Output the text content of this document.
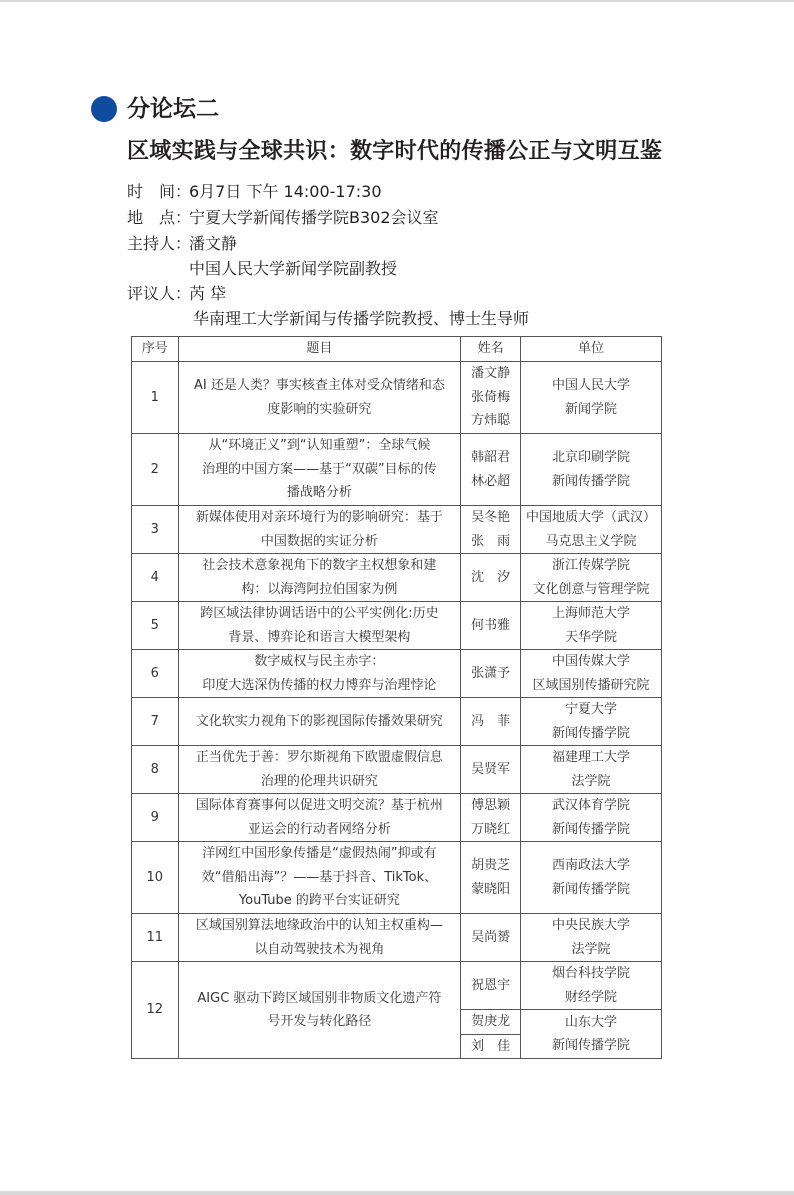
分论坛二
区域实践与全球共识：数字时代的传播公正与文明互鉴
时　间：6月7日 下午 14:00-17:30
地　点：宁夏大学新闻传播学院B302会议室
主持人：潘文静
中国人民大学新闻学院副教授
评议人：芮 牮
华南理工大学新闻与传播学院教授、博士生导师
序号	题目	姓名	单位
1	AI 还是人类？事实核查主体对受众情绪和态
度影响的实验研究	潘文静
张倚梅
方炜聪	中国人民大学
新闻学院

2	从“环境正义”到“认知重塑”：全球气候
治理的中国方案——基于“双碳”目标的传
播战略分析	韩韶君
林必超	北京印刷学院
新闻传播学院

3	新媒体使用对亲环境行为的影响研究：基于
中国数据的实证分析	吴冬艳
张　雨	中国地质大学（武汉）
马克思主义学院

4	社会技术意象视角下的数字主权想象和建
构：以海湾阿拉伯国家为例	沈　汐	浙江传媒学院
文化创意与管理学院

5	跨区域法律协调话语中的公平实例化:历史
背景、博弈论和语言大模型架构	何书雅	上海师范大学
天华学院

6	数字威权与民主赤字：
印度大选深伪传播的权力博弈与治理悖论	张潇予	中国传媒大学
区域国别传播研究院

7	文化软实力视角下的影视国际传播效果研究	冯　菲	宁夏大学
新闻传播学院

8	正当优先于善：罗尔斯视角下欧盟虚假信息
治理的伦理共识研究	吴贤军	福建理工大学
法学院

9	国际体育赛事何以促进文明交流？基于杭州
亚运会的行动者网络分析	傅思颖
万晓红	武汉体育学院
新闻传播学院

10	洋网红中国形象传播是“虚假热闹”抑或有
效“借船出海”？——基于抖音、TikTok、
YouTube 的跨平台实证研究	胡贵芝
蒙晓阳	西南政法大学
新闻传播学院

11	区域国别算法地缘政治中的认知主权重构—
以自动驾驶技术为视角	吴尚赟	中央民族大学
法学院

12	AIGC 驱动下跨区域国别非物质文化遗产符
号开发与转化路径	祝恩宇	烟台科技学院
财经学院

		贺庚龙	山东大学
新闻传播学院

		刘　佳	
